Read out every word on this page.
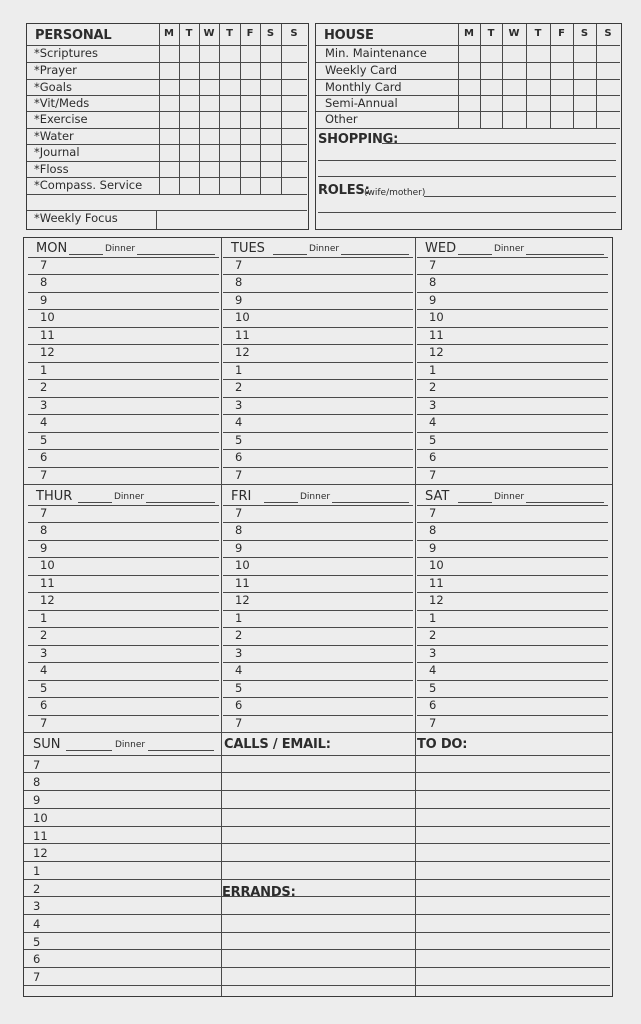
PERSONAL	M	T	W	T	F	S	S
*Scriptures
*Prayer
*Goals
*Vit/Meds
*Exercise
*Water
*Journal
*Floss
*Compass. Service
*Weekly Focus
HOUSE	M	T	W	T	F	S	S
Min. Maintenance
Weekly Card
Monthly Card
Semi-Annual
Other
SHOPPING:
ROLES:
(wife/mother)
MON	Dinner
7
8
9
10
11
12
1
2
3
4
5
6
7
TUES	Dinner
7
8
9
10
11
12
1
2
3
4
5
6
7
WED	Dinner
7
8
9
10
11
12
1
2
3
4
5
6
7
THUR	Dinner
7
8
9
10
11
12
1
2
3
4
5
6
7
FRI	Dinner
7
8
9
10
11
12
1
2
3
4
5
6
7
SAT	Dinner
7
8
9
10
11
12
1
2
3
4
5
6
7
SUN	Dinner	CALLS / EMAIL:	TO DO:
7
8
9
10
11
12
1
2
3
4
5
6
7
ERRANDS:
